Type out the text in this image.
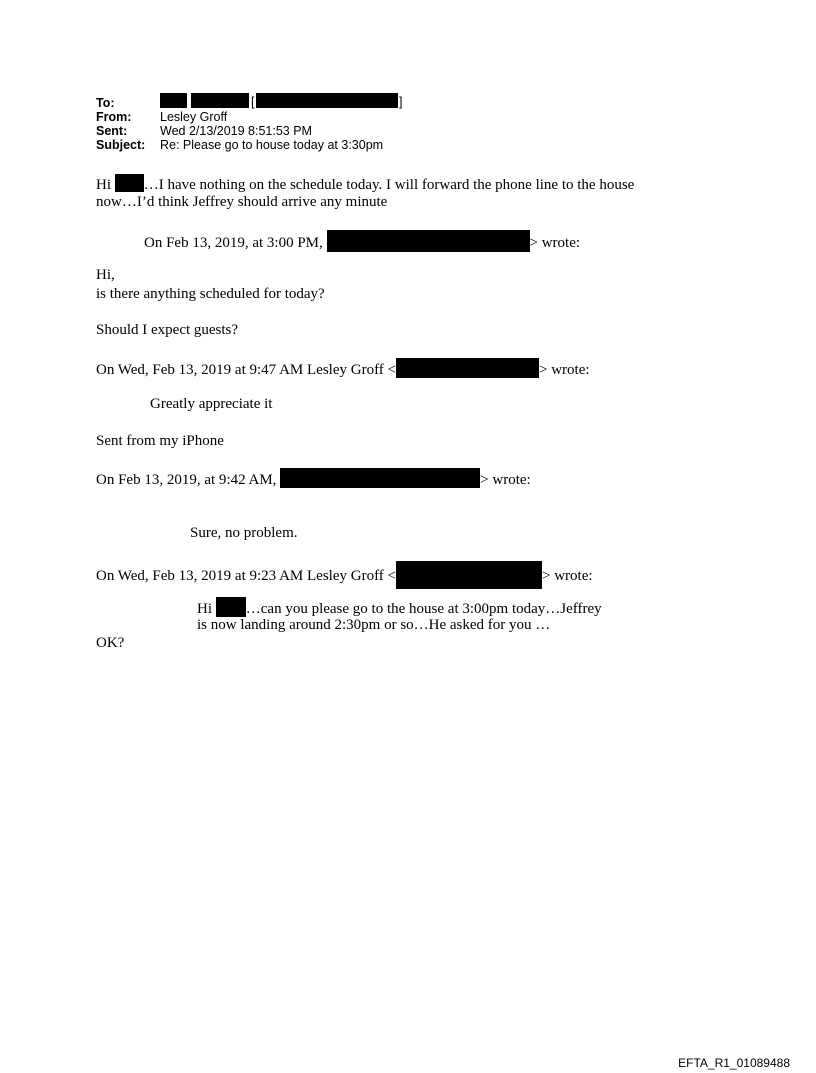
To:	[	]
From: Lesley Groff
Sent:	Wed 2/13/2019 8:51:53 PM
Subject: Re: Please go to house today at 3:30pm
Hi …I have nothing on the schedule today. I will forward the phone line to the house
now…I’d think Jeffrey should arrive any minute
On Feb 13, 2019, at 3:00 PM,	> wrote:
Hi,
is there anything scheduled for today?
Should I expect guests?
On Wed, Feb 13, 2019 at 9:47 AM Lesley Groff <	> wrote:
Greatly appreciate it
Sent from my iPhone
On Feb 13, 2019, at 9:42 AM,	> wrote:
Sure, no problem.
On Wed, Feb 13, 2019 at 9:23 AM Lesley Groff <	> wrote:
Hi …can you please go to the house at 3:00pm today…Jeffrey
is now landing around 2:30pm or so…He asked for you …
OK?
EFTA_R1_01089488
